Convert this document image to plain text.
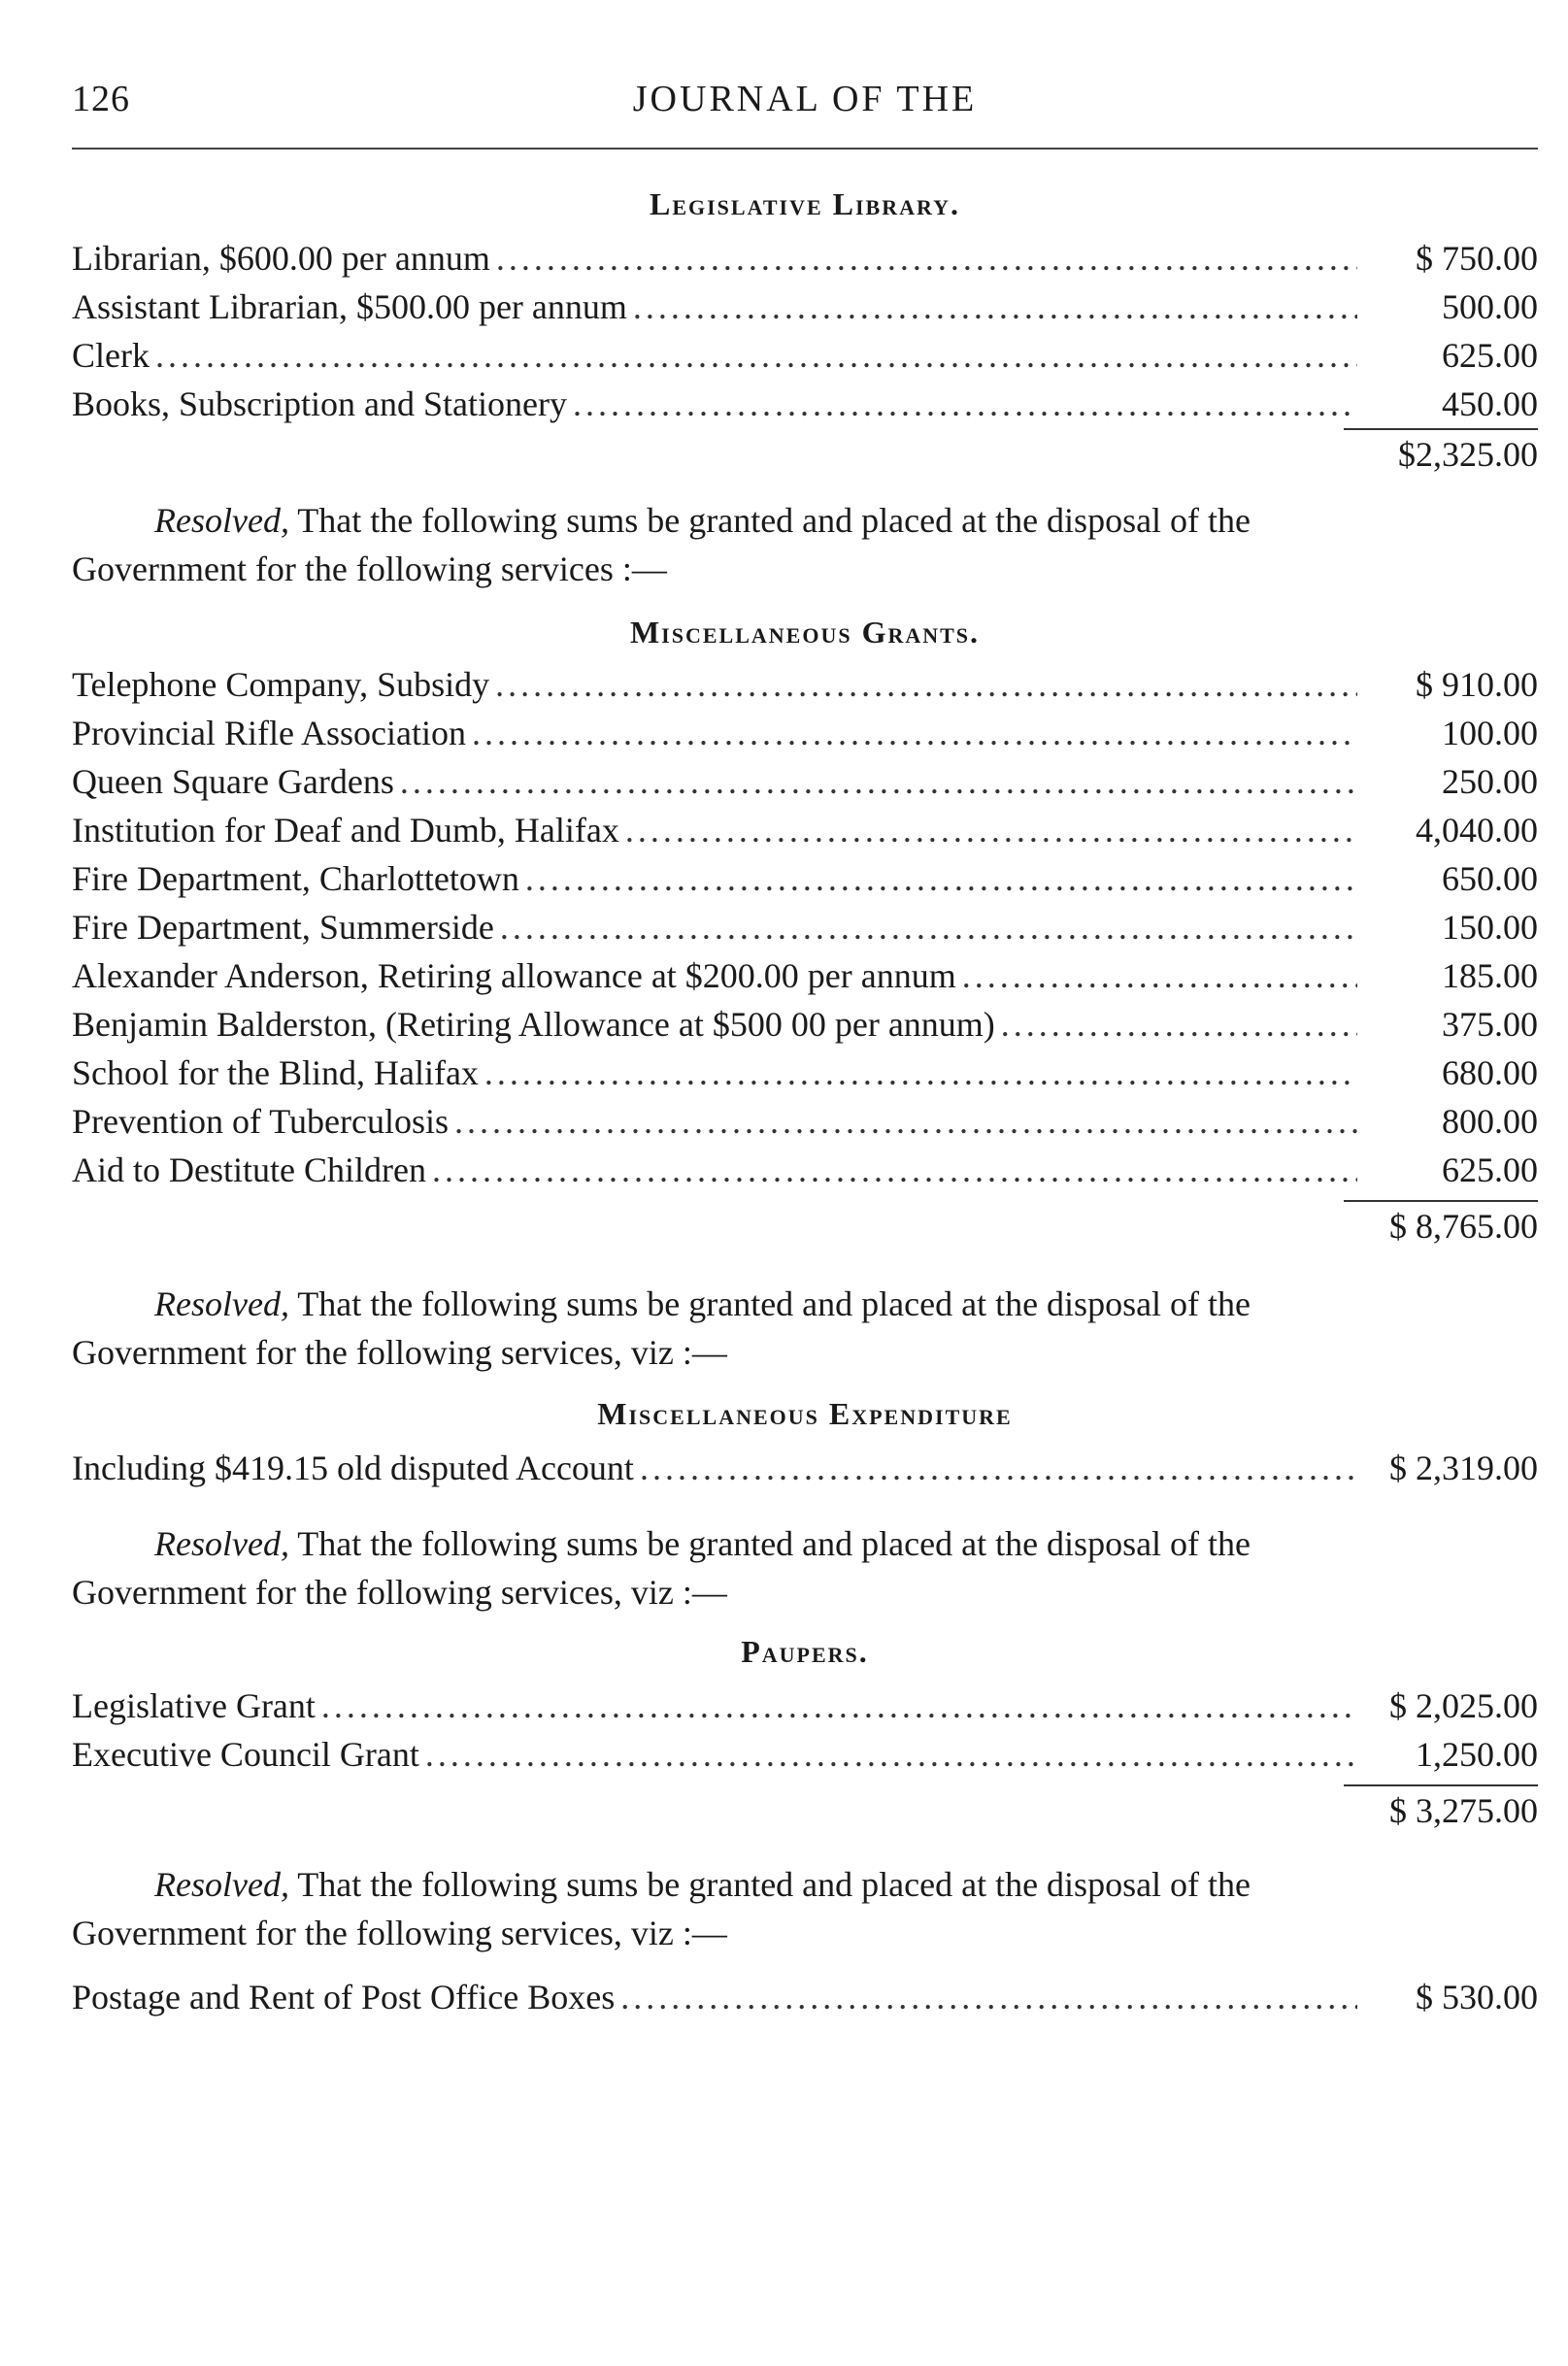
126	JOURNAL OF THE
Legislative Library.
Librarian, $600.00 per annum .....	$ 750.00
Assistant Librarian, $500.00 per annum .....	500.00
Clerk .....	625.00
Books, Subscription and Stationery .....	450.00
$2,325.00

Resolved, That the following sums be granted and placed at the disposal of the Government for the following services :—

Miscellaneous Grants.
Telephone Company, Subsidy .....	$ 910.00
Provincial Rifle Association .....	100.00
Queen Square Gardens .....	250.00
Institution for Deaf and Dumb, Halifax .....	4,040.00
Fire Department, Charlottetown .....	650.00
Fire Department, Summerside .....	150.00
Alexander Anderson, Retiring allowance at $200.00 per annum .....	185.00
Benjamin Balderston, (Retiring Allowance at $500 00 per annum) .....	375.00
School for the Blind, Halifax .....	680.00
Prevention of Tuberculosis .....	800.00
Aid to Destitute Children .....	625.00
$ 8,765.00

Resolved, That the following sums be granted and placed at the disposal of the Government for the following services, viz :—

Miscellaneous Expenditure
Including $419.15 old disputed Account .....	$ 2,319.00

Resolved, That the following sums be granted and placed at the disposal of the Government for the following services, viz :—

Paupers.
Legislative Grant .....	$ 2,025.00
Executive Council Grant .....	1,250.00
$ 3,275.00

Resolved, That the following sums be granted and placed at the disposal of the Government for the following services, viz :—

Postage and Rent of Post Office Boxes .....	$ 530.00
